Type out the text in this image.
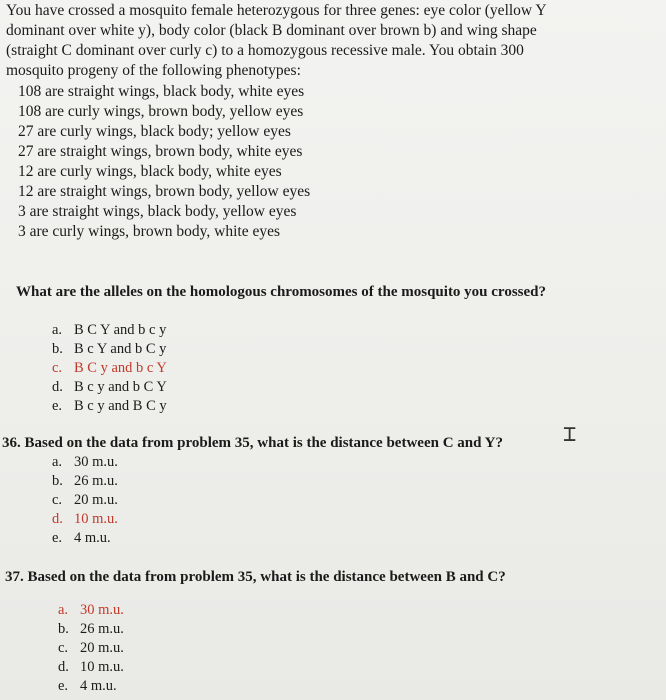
You have crossed a mosquito female heterozygous for three genes: eye color (yellow Y
dominant over white y), body color (black B dominant over brown b) and wing shape
(straight C dominant over curly c) to a homozygous recessive male. You obtain 300
mosquito progeny of the following phenotypes:
108 are straight wings, black body, white eyes
108 are curly wings, brown body, yellow eyes
27 are curly wings, black body; yellow eyes
27 are straight wings, brown body, white eyes
12 are curly wings, black body, white eyes
12 are straight wings, brown body, yellow eyes
3 are straight wings, black body, yellow eyes
3 are curly wings, brown body, white eyes
What are the alleles on the homologous chromosomes of the mosquito you crossed?
a. B C Y and b c y
b. B c Y and b C y
c. B C y and b c Y
d. B c y and b C Y
e. B c y and B C y
⌶
36. Based on the data from problem 35, what is the distance between C and Y?
a. 30 m.u.
b. 26 m.u.
c. 20 m.u.
d. 10 m.u.
e. 4 m.u.
37. Based on the data from problem 35, what is the distance between B and C?
a. 30 m.u.
b. 26 m.u.
c. 20 m.u.
d. 10 m.u.
e. 4 m.u.
